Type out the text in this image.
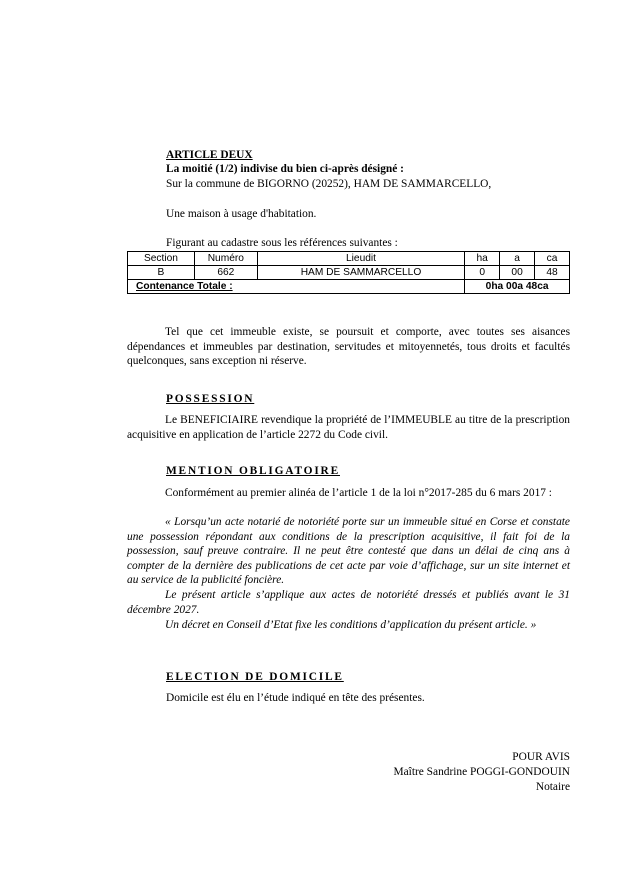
ARTICLE DEUX
La moitié (1/2) indivise du bien ci-après désigné :
Sur la commune de BIGORNO (20252), HAM DE SAMMARCELLO,
Une maison à usage d'habitation.
Figurant au cadastre sous les références suivantes :
Section	Numéro	Lieudit	ha	a	ca
B	662	HAM DE SAMMARCELLO	0	00	48
Contenance Totale :			0ha 00a 48ca		
Tel que cet immeuble existe, se poursuit et comporte, avec toutes ses aisances dépendances et immeubles par destination, servitudes et mitoyennetés, tous droits et facultés quelconques, sans exception ni réserve.
POSSESSION
Le BENEFICIAIRE revendique la propriété de l’IMMEUBLE au titre de la prescription acquisitive en application de l’article 2272 du Code civil.
MENTION OBLIGATOIRE
Conformément au premier alinéa de l’article 1 de la loi n°2017-285 du 6 mars 2017 :
« Lorsqu’un acte notarié de notoriété porte sur un immeuble situé en Corse et constate une possession répondant aux conditions de la prescription acquisitive, il fait foi de la possession, sauf preuve contraire. Il ne peut être contesté que dans un délai de cinq ans à compter de la dernière des publications de cet acte par voie d’affichage, sur un site internet et au service de la publicité foncière.
Le présent article s’applique aux actes de notoriété dressés et publiés avant le 31 décembre 2027.
Un décret en Conseil d’Etat fixe les conditions d’application du présent article. »
ELECTION DE DOMICILE
Domicile est élu en l’étude indiqué en tête des présentes.
POUR AVIS
Maître Sandrine POGGI-GONDOUIN
Notaire
